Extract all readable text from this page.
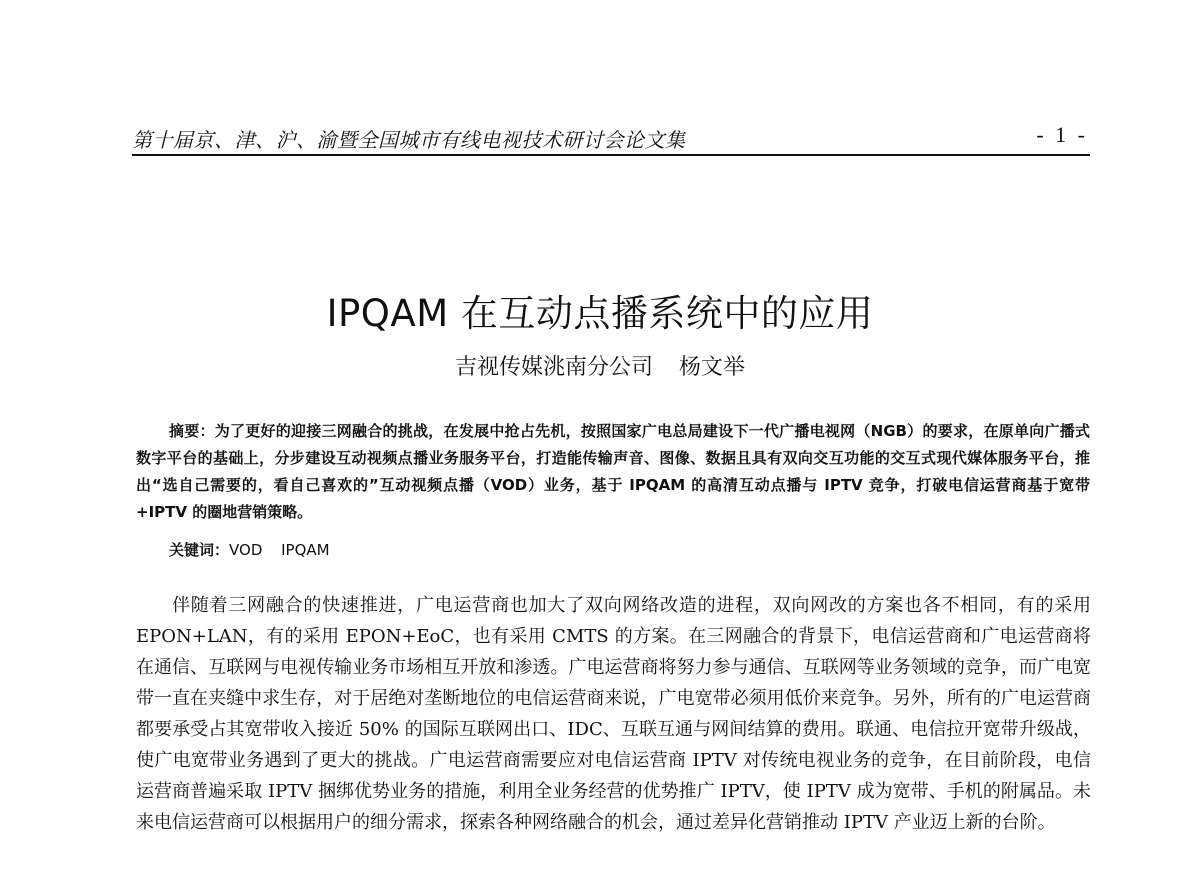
第十届京、津、沪、渝暨全国城市有线电视技术研讨会论文集	- 1 -
IPQAM 在互动点播系统中的应用
吉视传媒洮南分公司 杨文举

摘要：为了更好的迎接三网融合的挑战，在发展中抢占先机，按照国家广电总局建设下一代广播电视网（NGB）的要求，在原单向广播式数字平台的基础上，分步建设互动视频点播业务服务平台，打造能传输声音、图像、数据且具有双向交互功能的交互式现代媒体服务平台，推出“选自己需要的，看自己喜欢的”互动视频点播（VOD）业务，基于 IPQAM 的高清互动点播与 IPTV 竞争，打破电信运营商基于宽带 +IPTV 的圈地营销策略。

关键词：VOD IPQAM

伴随着三网融合的快速推进，广电运营商也加大了双向网络改造的进程，双向网改的方案也各不相同，有的采用 EPON+LAN，有的采用 EPON+EoC，也有采用 CMTS 的方案。在三网融合的背景下，电信运营商和广电运营商将在通信、互联网与电视传输业务市场相互开放和渗透。广电运营商将努力参与通信、互联网等业务领域的竞争，而广电宽带一直在夹缝中求生存，对于居绝对垄断地位的电信运营商来说，广电宽带必须用低价来竞争。另外，所有的广电运营商都要承受占其宽带收入接近 50% 的国际互联网出口、IDC、互联互通与网间结算的费用。联通、电信拉开宽带升级战，使广电宽带业务遇到了更大的挑战。广电运营商需要应对电信运营商 IPTV 对传统电视业务的竞争，在目前阶段，电信运营商普遍采取 IPTV 捆绑优势业务的措施，利用全业务经营的优势推广 IPTV，使 IPTV 成为宽带、手机的附属品。未来电信运营商可以根据用户的细分需求，探索各种网络融合的机会，通过差异化营销推动 IPTV 产业迈上新的台阶。
